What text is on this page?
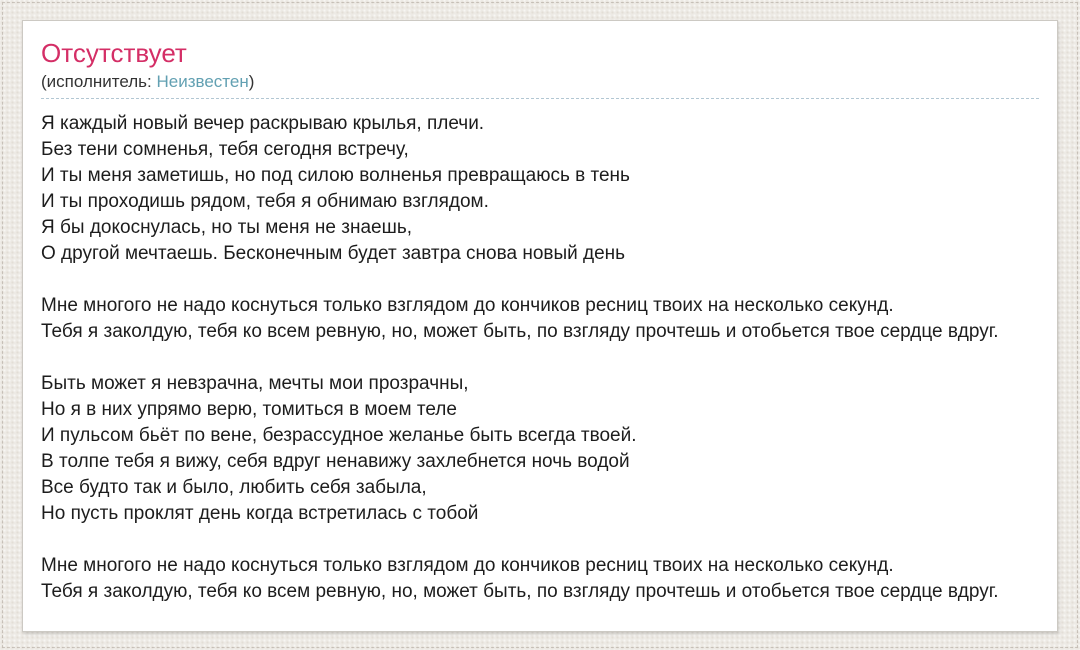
Отсутствует
(исполнитель: Неизвестен)
Я каждый новый вечер раскрываю крылья, плечи.
Без тени сомненья, тебя сегодня встречу,
И ты меня заметишь, но под силою волненья превращаюсь в тень
И ты проходишь рядом, тебя я обнимаю взглядом.
Я бы докоснулась, но ты меня не знаешь,
О другой мечтаешь. Бесконечным будет завтра снова новый день
Мне многого не надо коснуться только взглядом до кончиков ресниц твоих на несколько секунд.
Тебя я заколдую, тебя ко всем ревную, но, может быть, по взгляду прочтешь и отобьется твое сердце вдруг.
Быть может я невзрачна, мечты мои прозрачны,
Но я в них упрямо верю, томиться в моем теле
И пульсом бьёт по вене, безрассудное желанье быть всегда твоей.
В толпе тебя я вижу, себя вдруг ненавижу захлебнется ночь водой
Все будто так и было, любить себя забыла,
Но пусть проклят день когда встретилась с тобой
Мне многого не надо коснуться только взглядом до кончиков ресниц твоих на несколько секунд.
Тебя я заколдую, тебя ко всем ревную, но, может быть, по взгляду прочтешь и отобьется твое сердце вдруг.
